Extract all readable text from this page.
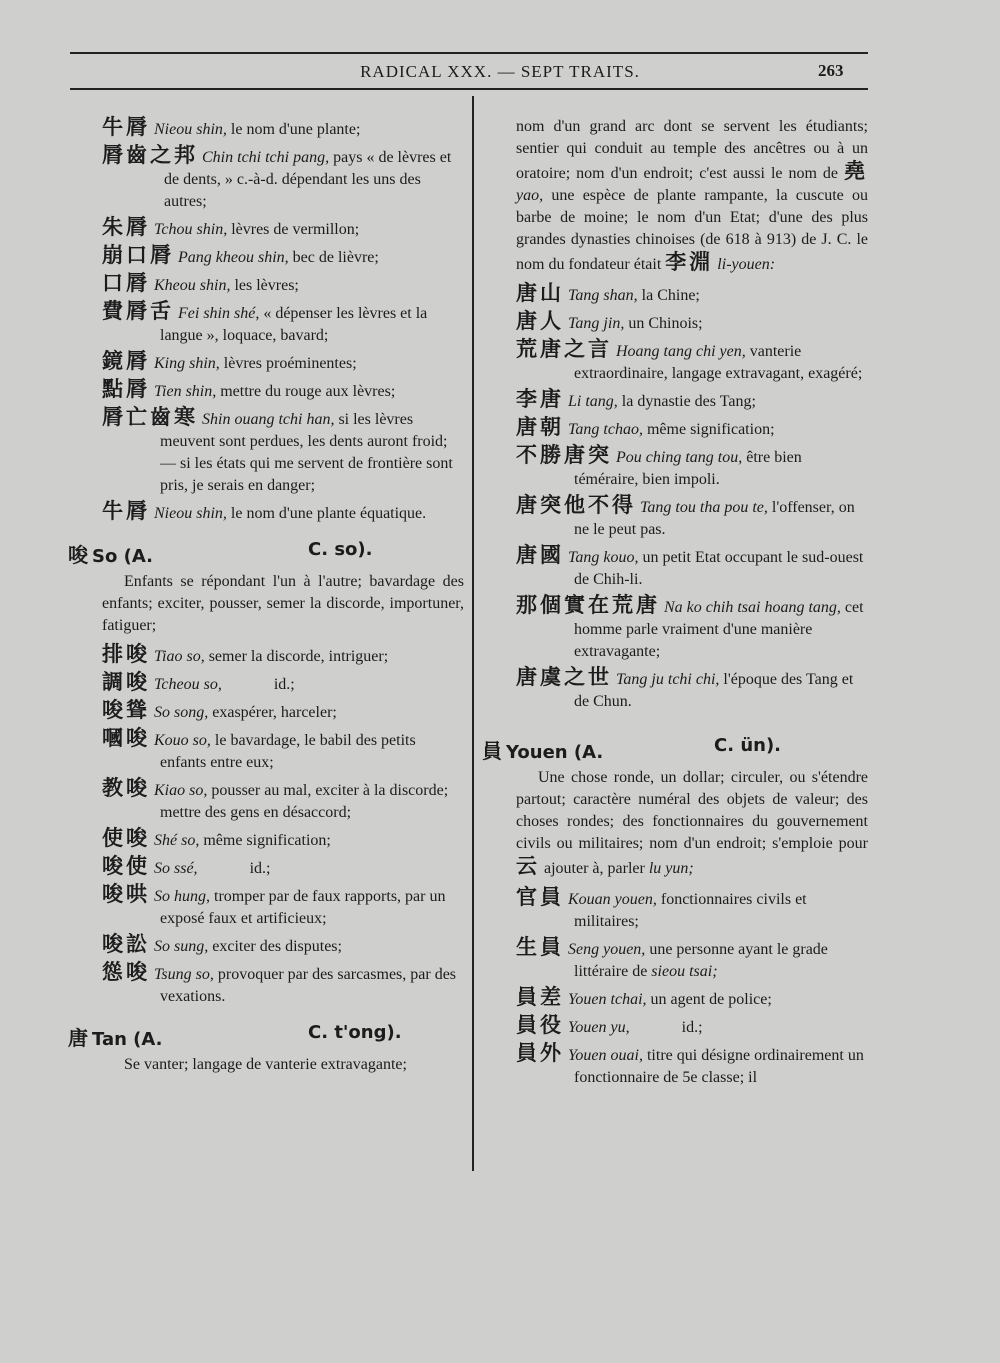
RADICAL XXX. — SEPT TRAITS.	263
牛脣 Nieou shin, le nom d'une plante;
脣齒之邦 Chin tchi tchi pang, pays « de lèvres et de dents, » c.-à-d. dépendant les uns des autres;
朱脣 Tchou shin, lèvres de vermillon;
崩口脣 Pang kheou shin, bec de lièvre;
口脣 Kheou shin, les lèvres;
費脣舌 Fei shin shé, « dépenser les lèvres et la langue », loquace, bavard;
鏡脣 King shin, lèvres proéminentes;
點脣 Tien shin, mettre du rouge aux lèvres;
脣亡齒寒 Shin ouang tchi han, si les lèvres meuvent sont perdues, les dents auront froid; — si les états qui me servent de frontière sont pris, je serais en danger;
牛脣 Nieou shin, le nom d'une plante équatique.
唆 So (A.	C. so).

Enfants se répondant l'un à l'autre; bavardage des enfants; exciter, pousser, semer la discorde, importuner, fatiguer;

排唆 Tiao so, semer la discorde, intriguer;
調唆 Tcheou so,             id.;
唆聳 So song, exaspérer, harceler;
嘓唆 Kouo so, le bavardage, le babil des petits enfants entre eux;
教唆 Kiao so, pousser au mal, exciter à la discorde; mettre des gens en désaccord;
使唆 Shé so, même signification;
唆使 So ssé,             id.;
唆哄 So hung, tromper par de faux rapports, par un exposé faux et artificieux;
唆訟 So sung, exciter des disputes;
慫唆 Tsung so, provoquer par des sarcasmes, par des vexations.
唐 Tan (A.	C. t'ong).

Se vanter; langage de vanterie extravagante;

nom d'un grand arc dont se servent les étudiants; sentier qui conduit au temple des ancêtres ou à un oratoire; nom d'un endroit; c'est aussi le nom de 堯 yao, une espèce de plante rampante, la cuscute ou barbe de moine; le nom d'un Etat; d'une des plus grandes dynasties chinoises (de 618 à 913) de J. C. le nom du fondateur était 李淵 li-youen:

唐山 Tang shan, la Chine;
唐人 Tang jin, un Chinois;
荒唐之言 Hoang tang chi yen, vanterie extraordinaire, langage extravagant, exagéré;
李唐 Li tang, la dynastie des Tang;
唐朝 Tang tchao, même signification;
不勝唐突 Pou ching tang tou, être bien téméraire, bien impoli.
唐突他不得 Tang tou tha pou te, l'offenser, on ne le peut pas.
唐國 Tang kouo, un petit Etat occupant le sud-ouest de Chih-li.
那個實在荒唐 Na ko chih tsai hoang tang, cet homme parle vraiment d'une manière extravagante;
唐虞之世 Tang ju tchi chi, l'époque des Tang et de Chun.
員 Youen (A.	C. ün).

Une chose ronde, un dollar; circuler, ou s'étendre partout; caractère numéral des objets de valeur; des choses rondes; des fonctionnaires du gouvernement civils ou militaires; nom d'un endroit; s'emploie pour 云 ajouter à, parler lu yun;

官員 Kouan youen, fonctionnaires civils et militaires;
生員 Seng youen, une personne ayant le grade littéraire de sieou tsai;
員差 Youen tchai, un agent de police;
員役 Youen yu,             id.;
員外 Youen ouai, titre qui désigne ordinairement un fonctionnaire de 5e classe; il
